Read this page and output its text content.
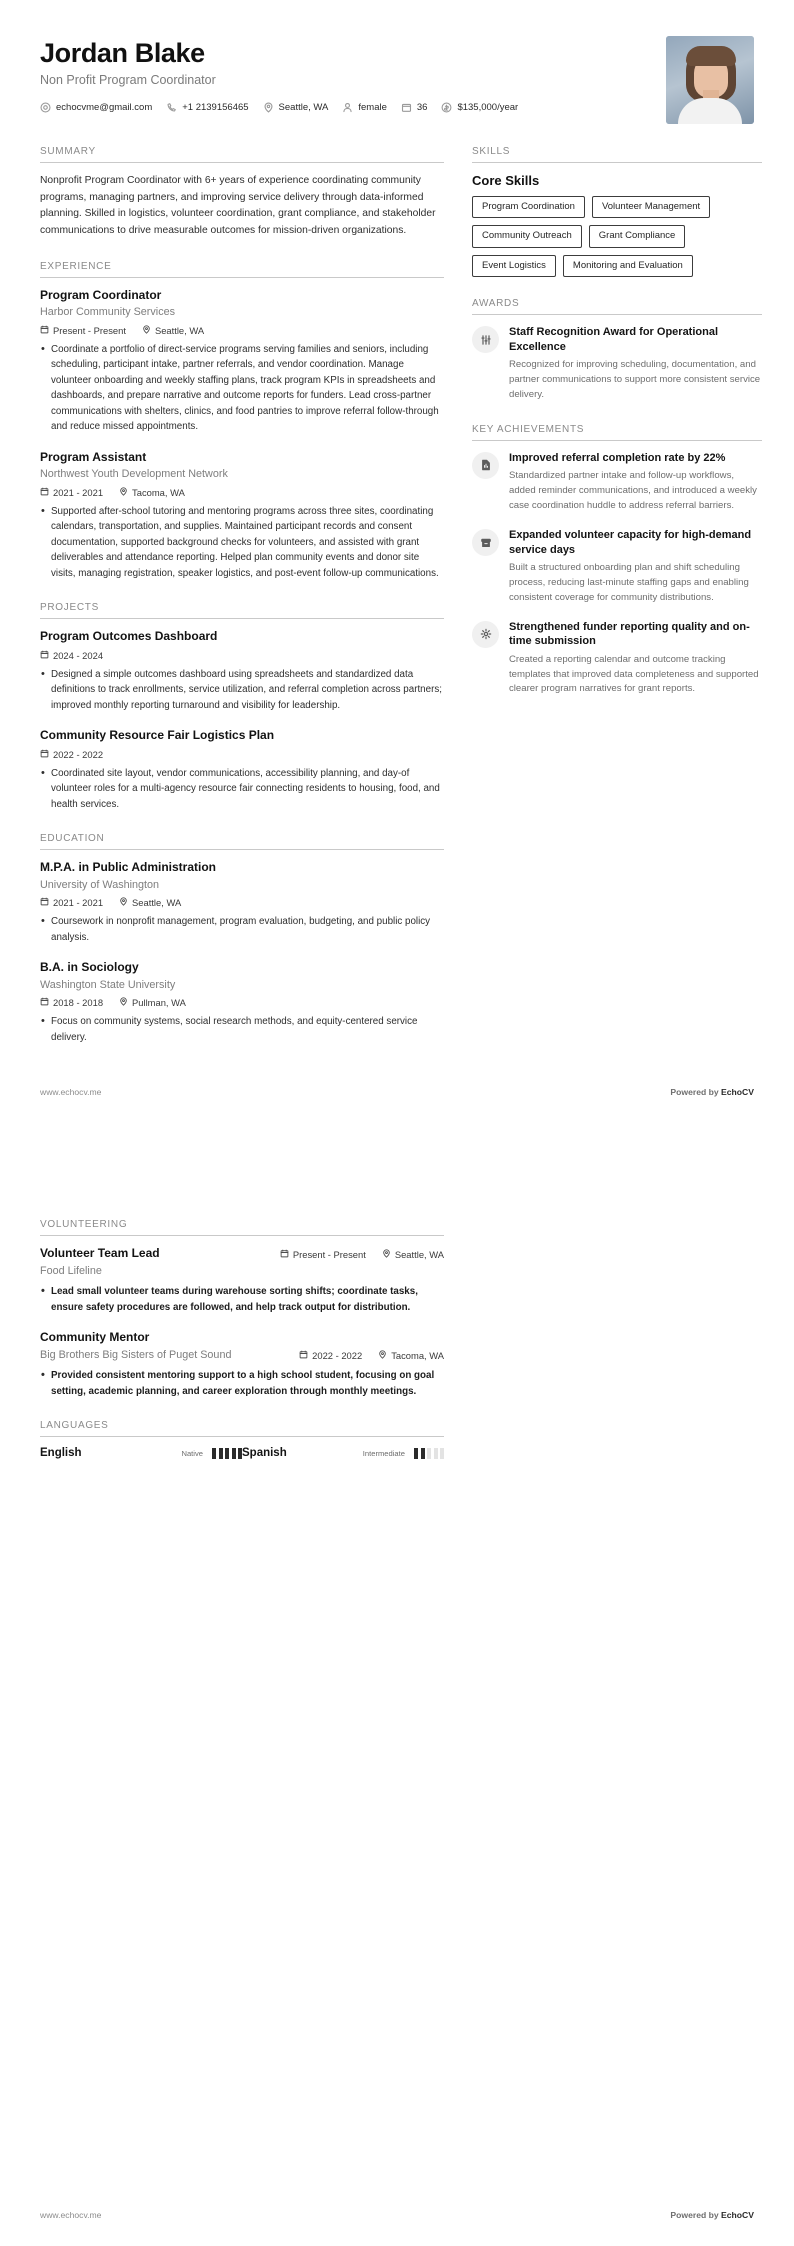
Jordan Blake
Non Profit Program Coordinator
echocvme@gmail.com	+1 2139156465	Seattle, WA	female	36	$135,000/year
SUMMARY
Nonprofit Program Coordinator with 6+ years of experience coordinating community programs, managing partners, and improving service delivery through data-informed planning. Skilled in logistics, volunteer coordination, grant compliance, and stakeholder communications to drive measurable outcomes for mission-driven organizations.
EXPERIENCE
Program Coordinator
Harbor Community Services
Present - Present	Seattle, WA
• Coordinate a portfolio of direct-service programs serving families and seniors, including scheduling, participant intake, partner referrals, and vendor coordination. Manage volunteer onboarding and weekly staffing plans, track program KPIs in spreadsheets and dashboards, and prepare narrative and outcome reports for funders. Lead cross-partner communications with shelters, clinics, and food pantries to improve referral follow-through and reduce missed appointments.
Program Assistant
Northwest Youth Development Network
2021 - 2021	Tacoma, WA
• Supported after-school tutoring and mentoring programs across three sites, coordinating calendars, transportation, and supplies. Maintained participant records and consent documentation, supported background checks for volunteers, and assisted with grant deliverables and attendance reporting. Helped plan community events and donor site visits, managing registration, speaker logistics, and post-event follow-up communications.
PROJECTS
Program Outcomes Dashboard
2024 - 2024
• Designed a simple outcomes dashboard using spreadsheets and standardized data definitions to track enrollments, service utilization, and referral completion across partners; improved monthly reporting turnaround and visibility for leadership.
Community Resource Fair Logistics Plan
2022 - 2022
• Coordinated site layout, vendor communications, accessibility planning, and day-of volunteer roles for a multi-agency resource fair connecting residents to housing, food, and health services.
EDUCATION
M.P.A. in Public Administration
University of Washington
2021 - 2021	Seattle, WA
• Coursework in nonprofit management, program evaluation, budgeting, and public policy analysis.
B.A. in Sociology
Washington State University
2018 - 2018	Pullman, WA
• Focus on community systems, social research methods, and equity-centered service delivery.
SKILLS
Core Skills
Program Coordination	Volunteer Management
Community Outreach	Grant Compliance
Event Logistics	Monitoring and Evaluation
AWARDS
Staff Recognition Award for Operational Excellence
Recognized for improving scheduling, documentation, and partner communications to support more consistent service delivery.
KEY ACHIEVEMENTS
Improved referral completion rate by 22%
Standardized partner intake and follow-up workflows, added reminder communications, and introduced a weekly case coordination huddle to address referral barriers.
Expanded volunteer capacity for high-demand service days
Built a structured onboarding plan and shift scheduling process, reducing last-minute staffing gaps and enabling consistent coverage for community distributions.
Strengthened funder reporting quality and on-time submission
Created a reporting calendar and outcome tracking templates that improved data completeness and supported clearer program narratives for grant reports.
www.echocv.me	Powered by EchoCV
VOLUNTEERING
Volunteer Team Lead
Food Lifeline
Present - Present	Seattle, WA
• Lead small volunteer teams during warehouse sorting shifts; coordinate tasks, ensure safety procedures are followed, and help track output for distribution.
Community Mentor
Big Brothers Big Sisters of Puget Sound	2022 - 2022	Tacoma, WA
• Provided consistent mentoring support to a high school student, focusing on goal setting, academic planning, and career exploration through monthly meetings.
LANGUAGES
English	Native	Spanish	Intermediate
www.echocv.me	Powered by EchoCV
